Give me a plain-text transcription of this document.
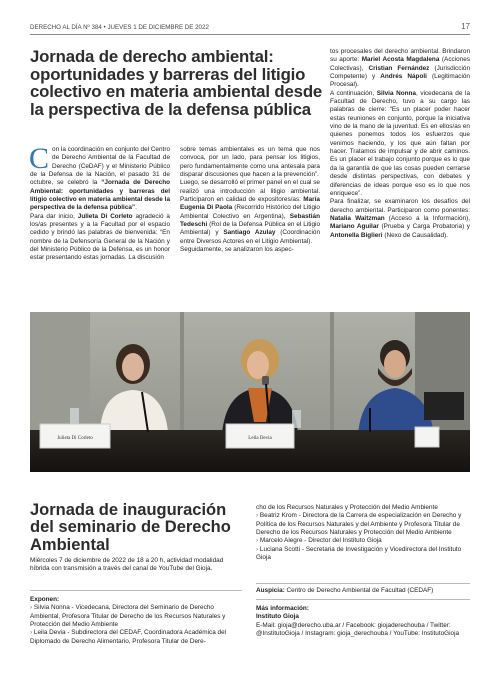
DERECHO AL DÍA Nº 384 • JUEVES 1 DE DICIEMBRE DE 2022	17
Jornada de derecho ambiental: oportunidades y barreras del litigio colectivo en materia ambiental desde la perspectiva de la defensa pública

Con la coordinación en conjunto del Centro de Derecho Ambiental de la Facultad de Derecho (CeDAF) y el Ministerio Público de la Defensa de la Nación, el pasado 31 de octubre, se celebró la “Jornada de Derecho Ambiental: oportunidades y barreras del litigio colectivo en materia ambiental desde la perspectiva de la defensa pública”.

Para dar inicio, Julieta Di Corleto agradeció a los/as presentes y a la Facultad por el espacio cedido y brindó las palabras de bienvenida: “En nombre de la Defensoría General de la Nación y del Ministerio Público de la Defensa, es un honor estar presentando estas jornadas. La discusión

sobre temas ambientales es un tema que nos convoca, por un lado, para pensar los litigios, pero fundamentalmente como una antesala para disparar discusiones que hacen a la prevención”.

Luego, se desarrolló el primer panel en el cual se realizó una introducción al litigio ambiental. Participaron en calidad de expositores/as: María Eugenia Di Paola (Recorrido Histórico del Litigio Ambiental Colectivo en Argentina), Sebastián Tedeschi (Rol de la Defensa Pública en el Litigio Ambiental) y Santiago Azulay (Coordinación entre Diversos Actores en el Litigio Ambiental).

Seguidamente, se analizaron los aspec-

tos procesales del derecho ambiental. Brindaron su aporte: Mariel Acosta Magdalena (Acciones Colectivas), Cristian Fernández (Jurisdicción Competente) y Andrés Nápoli (Legitimación Procesal).

A continuación, Silvia Nonna, vicedecana de la Facultad de Derecho, tuvo a su cargo las palabras de cierre: “Es un placer poder hacer estas reuniones en conjunto, porque la iniciativa vino de la mano de la juventud. Es en ellos/as en quienes ponemos todos los esfuerzos que venimos haciendo, y los que aún faltan por hacer. Tratamos de impulsar y de abrir caminos. Es un placer el trabajo conjunto porque es lo que da la garantía de que las cosas pueden cerrarse desde distintas perspectivas, con debates y diferencias de ideas porque eso es lo que nos enriquece”.

Para finalizar, se examinaron los desafíos del derecho ambiental. Participaron como ponentes: Natalia Waitzman (Acceso a la Información), Mariano Aguilar (Prueba y Carga Probatoria) y Antonella Biglieri (Nexo de Causalidad).

Julieta Di Corleto	Leila Devia
Jornada de inauguración del seminario de Derecho Ambiental

Miércoles 7 de diciembre de 2022 de 18 a 20 h, actividad modalidad híbrida con transmisión a través del canal de YouTube del Gioja.

Exponen:

› Silvia Nonna - Vicedecana, Directora del Seminario de Derecho Ambiental, Profesora Titular de Derecho de los Recursos Naturales y Protección del Medio Ambiente

› Leila Devia - Subdirectora del CEDAF, Coordinadora Académica del Diplomado de Derecho Alimentario, Profesora Titular de Dere-

cho de los Recursos Naturales y Protección del Medio Ambiente

› Beatriz Krom - Directora de la Carrera de especialización en Derecho y Política de los Recursos Naturales y del Ambiente y Profesora Titular de Derecho de los Recursos Naturales y Protección del Medio Ambiente

› Marcelo Alegre - Director del Instituto Gioja

› Luciana Scotti - Secretaria de Investigación y Vicedirectora del Instituto Gioja

Auspicia: Centro de Derecho Ambiental de Facultad (CEDAF)

Más información:

Instituto Gioja

E-Mail: gioja@derecho.uba.ar / Facebook: giojaderechouba / Twitter: @InstitutoGioja / Instagram: gioja_derechouba / YouTube: InstitutoGioja
